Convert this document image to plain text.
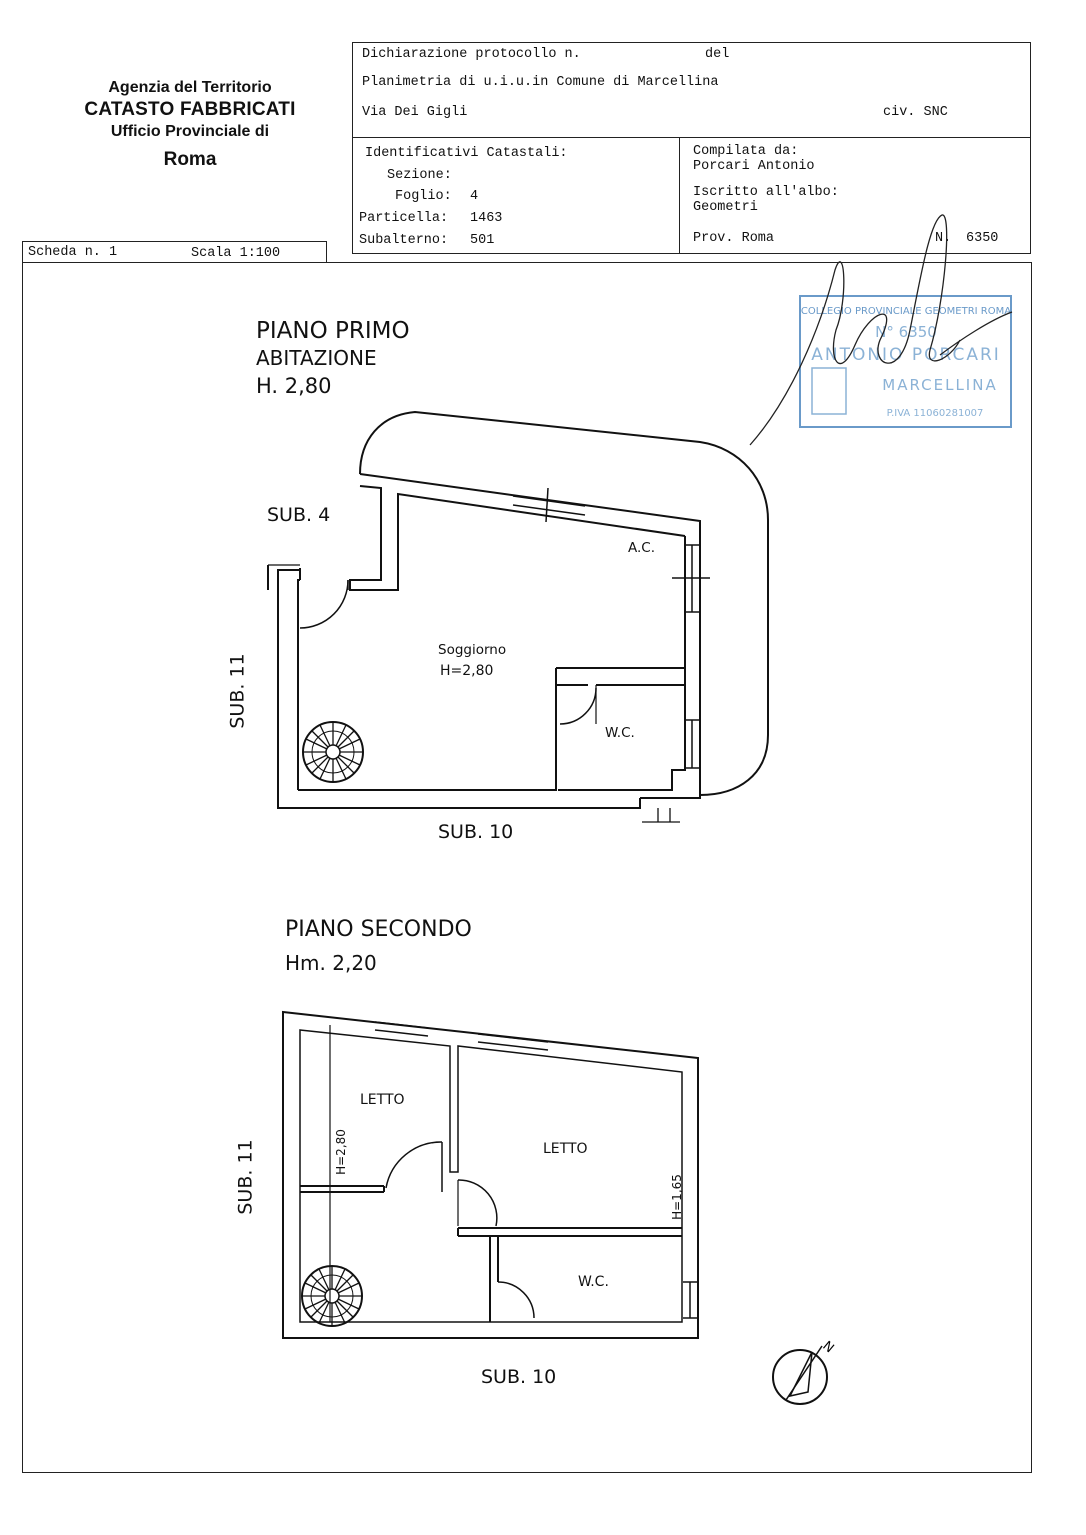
Agenzia del Territorio
CATASTO FABBRICATI
Ufficio Provinciale di
Roma
Dichiarazione protocollo n.	del
Planimetria di u.i.u.in Comune di Marcellina
Via Dei Gigli	civ. SNC
Identificativi Catastali:
Sezione:
Foglio: 4
Particella: 1463
Subalterno: 501
Compilata da:
Porcari Antonio
Iscritto all'albo:
Geometri
Prov. Roma	N. 6350
Scheda n. 1	Scala 1:100
N
COLLEGIO PROVINCIALE GEOMETRI ROMA
N° 6350
ANTONIO PORCARI
MARCELLINA
P.IVA 11060281007
PIANO PRIMO
ABITAZIONE
H. 2,80
SUB. 4
SUB. 11
SUB. 10
Soggiorno
H=2,80
A.C.
W.C.
PIANO SECONDO
Hm. 2,20
SUB. 11
SUB. 10
LETTO
LETTO
W.C.
H=2,80
H=1,65
